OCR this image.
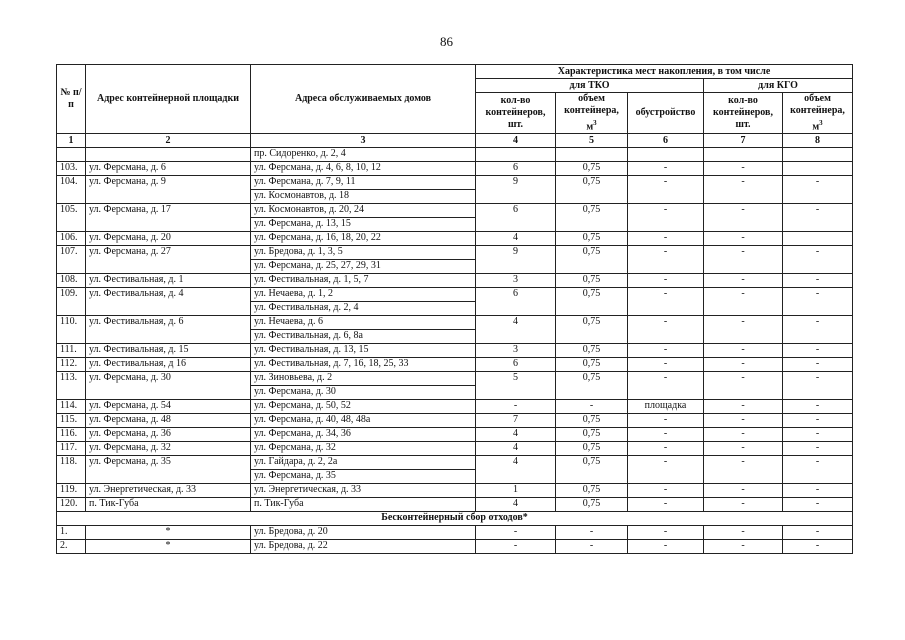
86
№ п/п	Адрес контейнерной площадки	Адреса обслуживаемых домов	Характеристика мест накопления, в том числе				
			для ТКО			для КГО	
			кол-во контейнеров, шт.	объем контейнера, $м^3$	обустройство	кол-во контейнеров, шт.	объем контейнера, $м^3$
1	2	3	4	5	6	7	8
		пр. Сидоренко, д. 2, 4					
103.	ул. Ферсмана, д. 6	ул. Ферсмана, д. 4, 6, 8, 10, 12	6	0,75	-	-	
104.	ул. Ферсмана, д. 9	ул. Ферсмана, д. 7, 9, 11	9	0,75	-	-	-
		ул. Космонавтов, д. 18					
105.	ул. Ферсмана, д. 17	ул. Космонавтов, д. 20, 24	6	0,75	-	-	-
		ул. Ферсмана, д. 13, 15					
106.	ул. Ферсмана, д. 20	ул. Ферсмана, д. 16, 18, 20, 22	4	0,75	-	-	
107.	ул. Ферсмана, д. 27	ул. Бредова, д. 1, 3, 5	9	0,75	-	-	-
		ул. Ферсмана, д. 25, 27, 29, 31					
108.	ул. Фестивальная, д. 1	ул. Фестивальная, д. 1, 5, 7	3	0,75	-	-	-
109.	ул. Фестивальная, д. 4	ул. Нечаева, д. 1, 2	6	0,75	-	-	-
		ул. Фестивальная, д. 2, 4					
110.	ул. Фестивальная, д. 6	ул. Нечаева, д. 6	4	0,75	-	-	-
		ул. Фестивальная, д. 6, 8а					
111.	ул. Фестивальная, д. 15	ул. Фестивальная, д. 13, 15	3	0,75	-	-	-
112.	ул. Фестивальная, д 16	ул. Фестивальная, д. 7, 16, 18, 25, 33	6	0,75	-	-	-
113.	ул. Ферсмана, д. 30	ул. Зиновьева, д. 2	5	0,75	-	-	-
		ул. Ферсмана, д. 30					
114.	ул. Ферсмана, д. 54	ул. Ферсмана, д. 50, 52	-	-	площадка	-	-
115.	ул. Ферсмана, д. 48	ул. Ферсмана, д. 40, 48, 48а	7	0,75	-	-	-
116.	ул. Ферсмана, д. 36	ул. Ферсмана, д. 34, 36	4	0,75	-	-	-
117.	ул. Ферсмана, д. 32	ул. Ферсмана, д. 32	4	0,75	-	-	-
118.	ул. Ферсмана, д. 35	ул. Гайдара, д. 2, 2а	4	0,75	-	-	-
		ул. Ферсмана, д. 35					
119.	ул. Энергетическая, д. 33	ул. Энергетическая, д. 33	1	0,75	-	-	-
120.	п. Тик-Губа	п. Тик-Губа	4	0,75	-	-	-
Бесконтейнерный сбор отходов*							
1.	*	ул. Бредова, д. 20	-	-	-	-	-
2.	*	ул. Бредова, д. 22	-	-	-	-	-
